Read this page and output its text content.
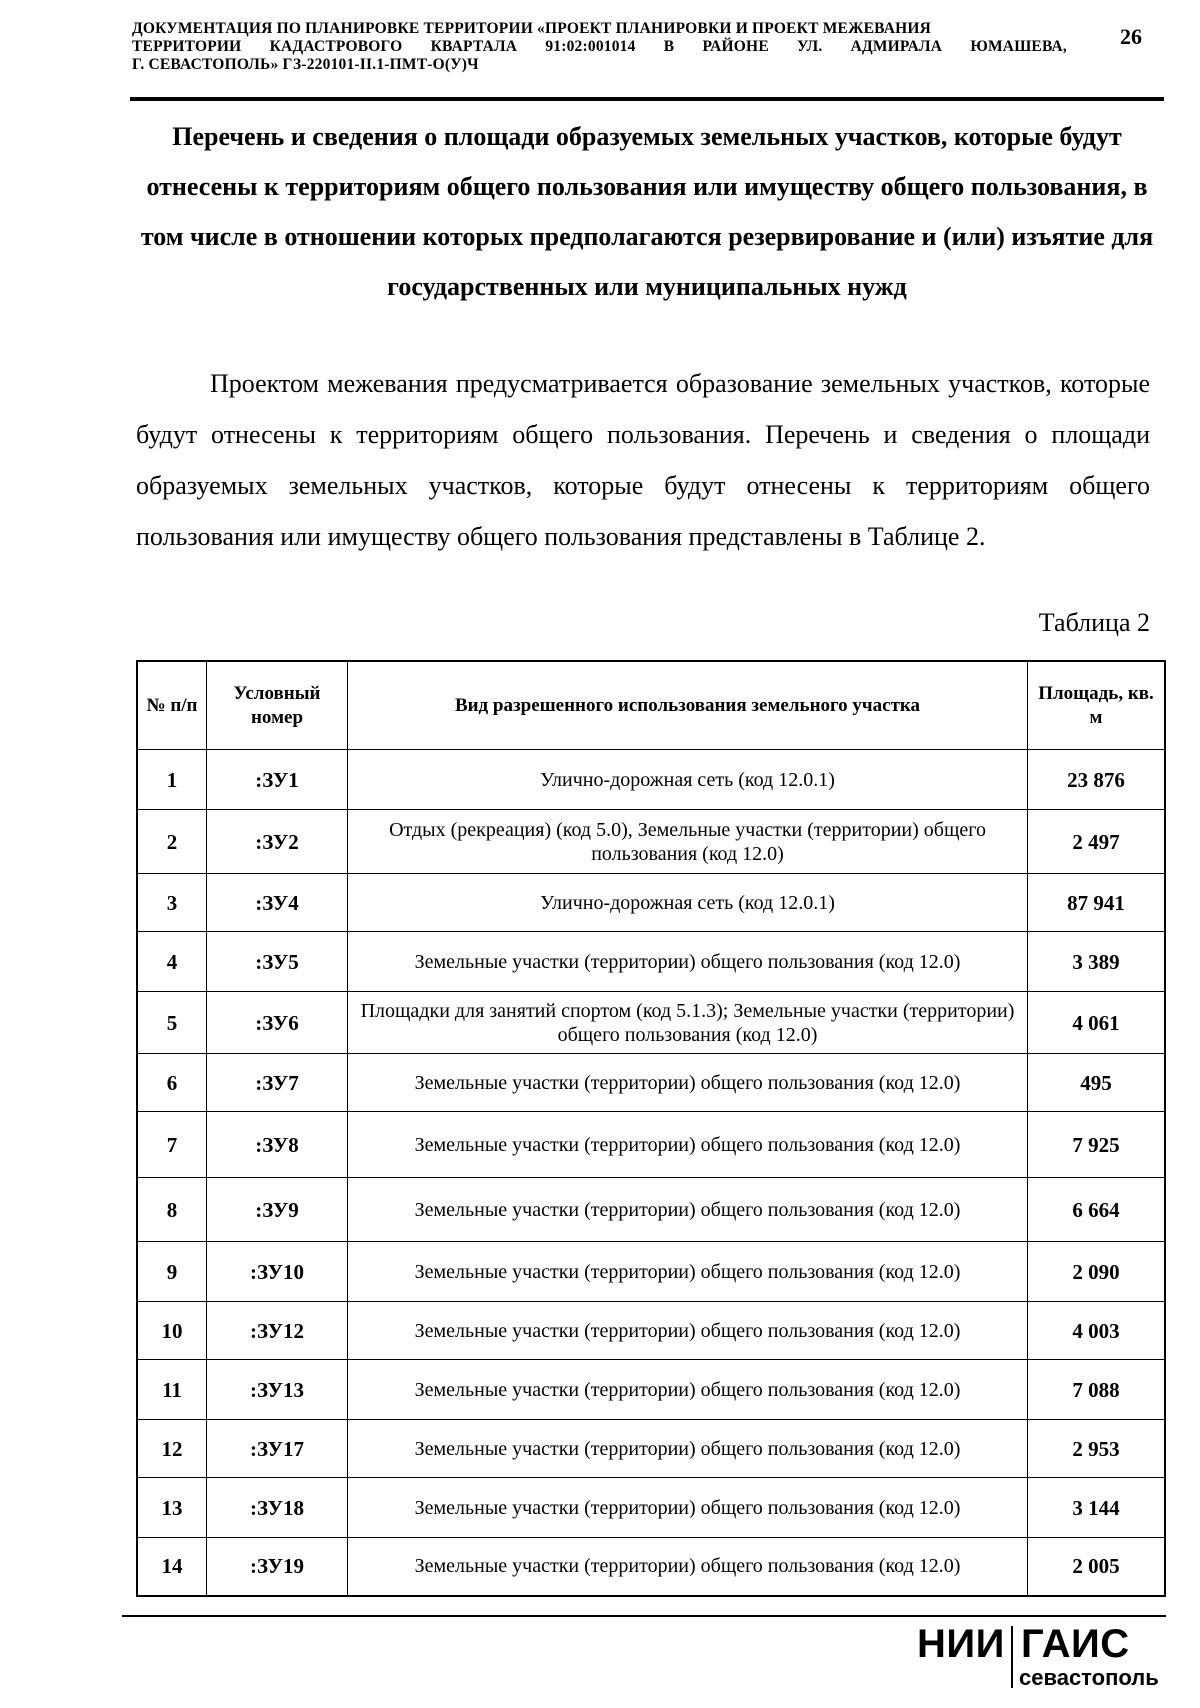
ДОКУМЕНТАЦИЯ ПО ПЛАНИРОВКЕ ТЕРРИТОРИИ «ПРОЕКТ ПЛАНИРОВКИ И ПРОЕКТ МЕЖЕВАНИЯ
ТЕРРИТОРИИ КАДАСТРОВОГО КВАРТАЛА 91:02:001014 В РАЙОНЕ УЛ. АДМИРАЛА ЮМАШЕВА,
Г. СЕВАСТОПОЛЬ» ГЗ-220101-II.1-ПМТ-О(У)Ч
26
Перечень и сведения о площади образуемых земельных участков, которые будут отнесены к территориям общего пользования или имуществу общего пользования, в том числе в отношении которых предполагаются резервирование и (или) изъятие для государственных или муниципальных нужд

Проектом межевания предусматривается образование земельных участков, которые будут отнесены к территориям общего пользования. Перечень и сведения о площади образуемых земельных участков, которые будут отнесены к территориям общего пользования или имуществу общего пользования представлены в Таблице 2.

Таблица 2
№ п/п	Условный номер	Вид разрешенного использования земельного участка	Площадь, кв. м
1	:ЗУ1	Улично-дорожная сеть (код 12.0.1)	23 876
2	:ЗУ2	Отдых (рекреация) (код 5.0), Земельные участки (территории) общего пользования (код 12.0)	2 497
3	:ЗУ4	Улично-дорожная сеть (код 12.0.1)	87 941
4	:ЗУ5	Земельные участки (территории) общего пользования (код 12.0)	3 389
5	:ЗУ6	Площадки для занятий спортом (код 5.1.3); Земельные участки (территории) общего пользования (код 12.0)	4 061
6	:ЗУ7	Земельные участки (территории) общего пользования (код 12.0)	495
7	:ЗУ8	Земельные участки (территории) общего пользования (код 12.0)	7 925
8	:ЗУ9	Земельные участки (территории) общего пользования (код 12.0)	6 664
9	:ЗУ10	Земельные участки (территории) общего пользования (код 12.0)	2 090
10	:ЗУ12	Земельные участки (территории) общего пользования (код 12.0)	4 003
11	:ЗУ13	Земельные участки (территории) общего пользования (код 12.0)	7 088
12	:ЗУ17	Земельные участки (территории) общего пользования (код 12.0)	2 953
13	:ЗУ18	Земельные участки (территории) общего пользования (код 12.0)	3 144
14	:ЗУ19	Земельные участки (территории) общего пользования (код 12.0)	2 005
НИИ ГАИС
севастополь
